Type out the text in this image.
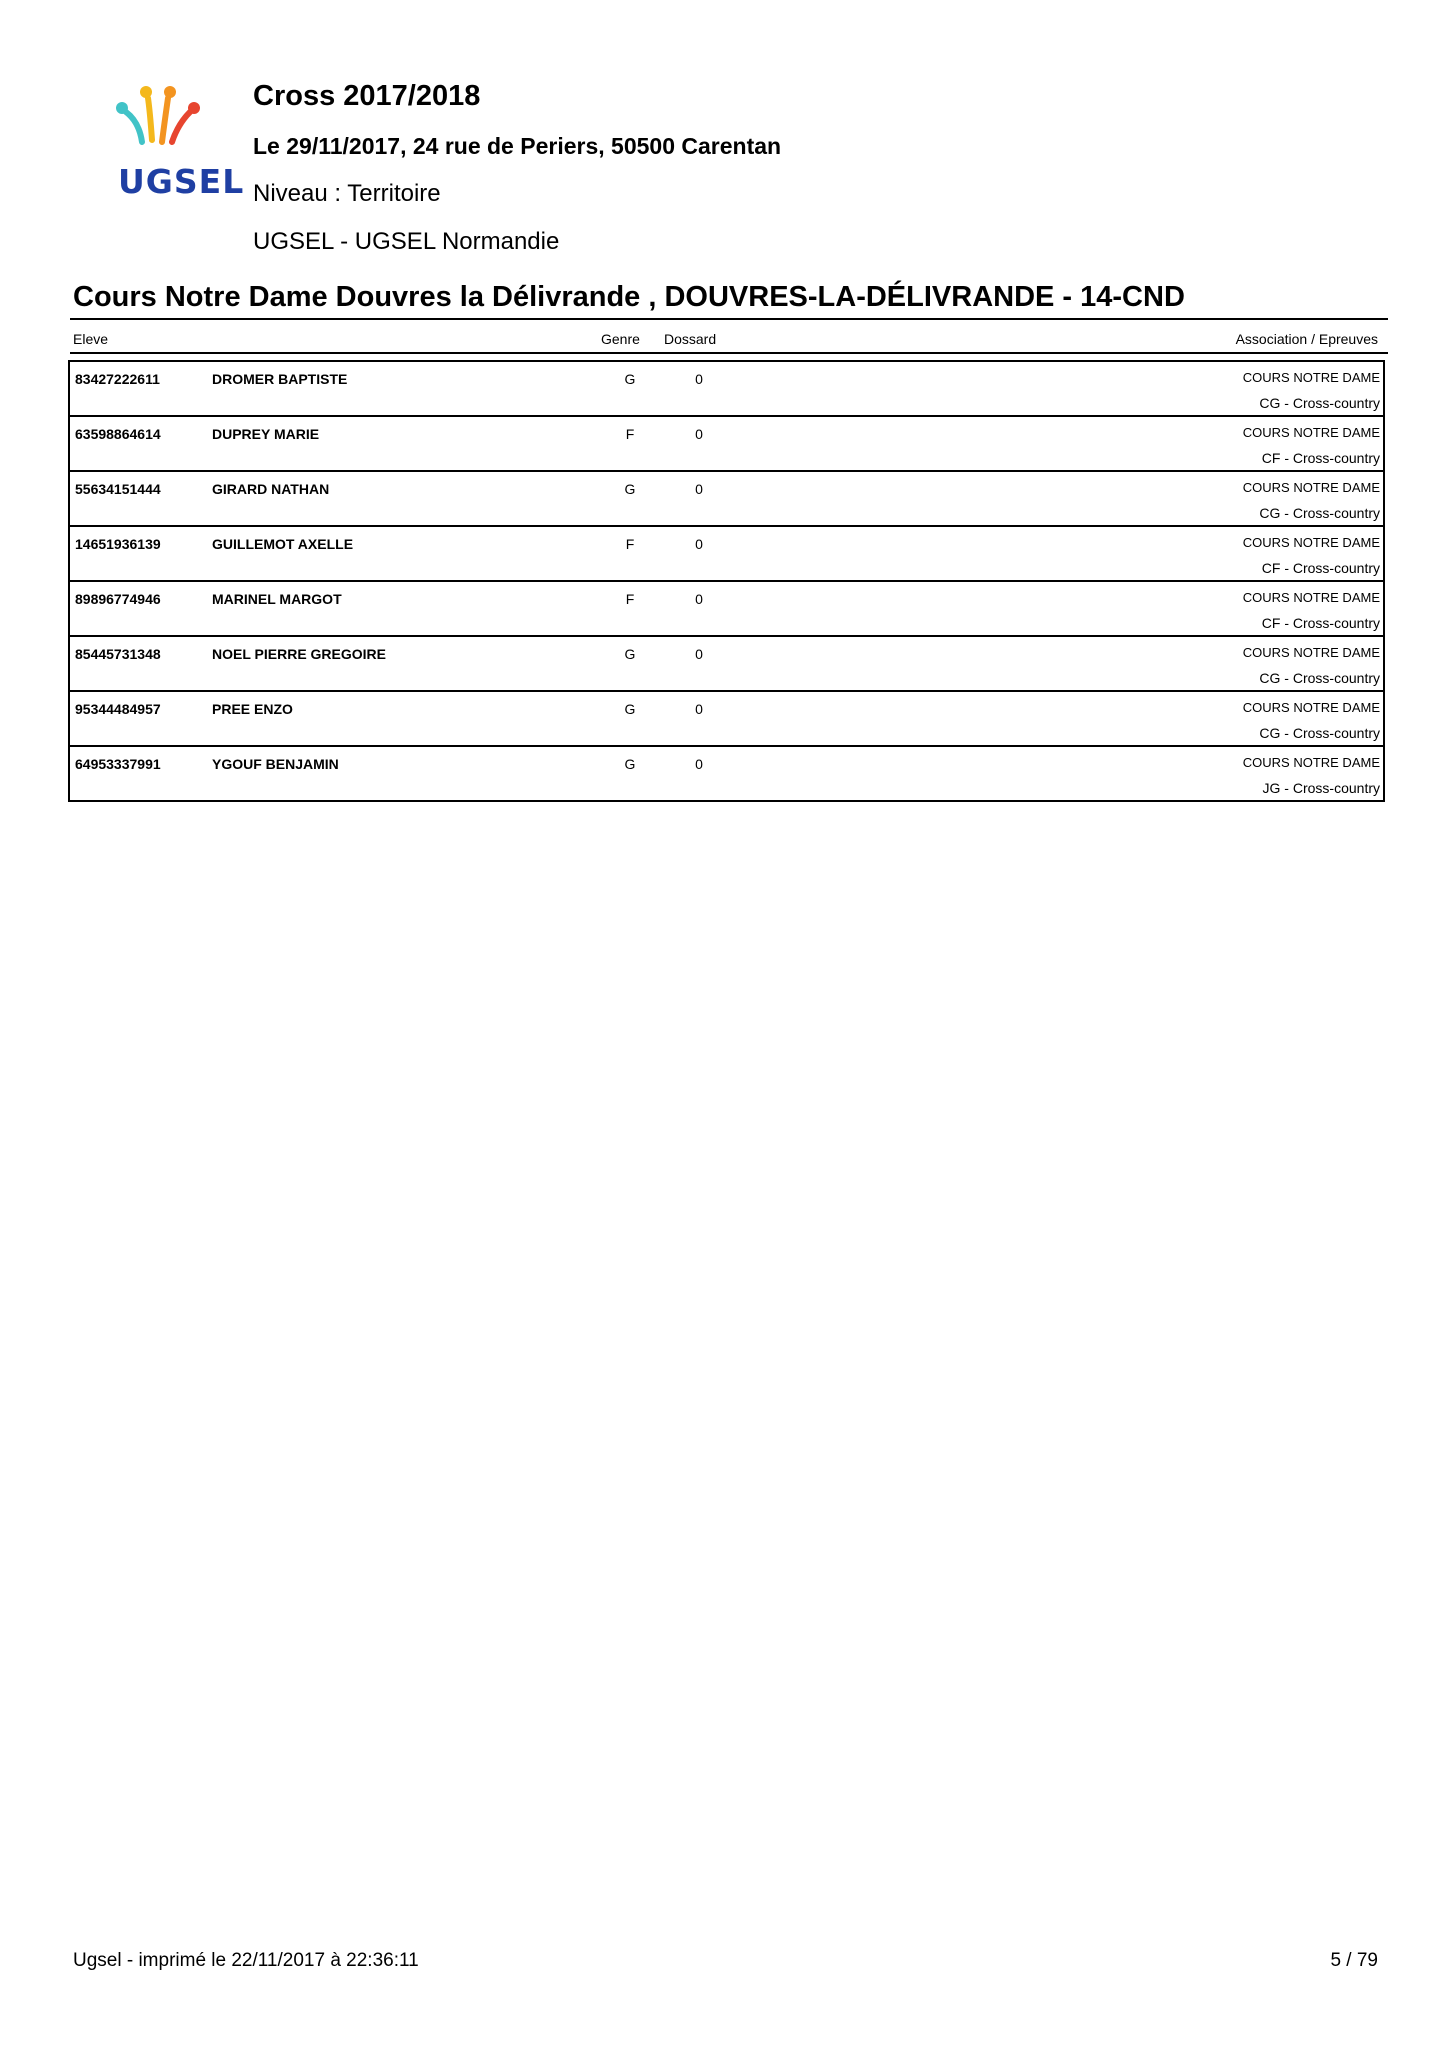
UGSEL
Cross 2017/2018
Le 29/11/2017, 24 rue de Periers, 50500 Carentan
Niveau : Territoire
UGSEL - UGSEL Normandie
Cours Notre Dame Douvres la Délivrande , DOUVRES-LA-DÉLIVRANDE - 14-CND
Eleve	Genre Dossard	Association / Epreuves
83427222611	DROMER BAPTISTE	G	0	COURS NOTRE DAME
CG - Cross-country
63598864614	DUPREY MARIE	F	0	COURS NOTRE DAME
CF - Cross-country
55634151444	GIRARD NATHAN	G	0	COURS NOTRE DAME
CG - Cross-country
14651936139	GUILLEMOT AXELLE	F	0	COURS NOTRE DAME
CF - Cross-country
89896774946	MARINEL MARGOT	F	0	COURS NOTRE DAME
CF - Cross-country
85445731348	NOEL PIERRE GREGOIRE	G	0	COURS NOTRE DAME
CG - Cross-country
95344484957	PREE ENZO	G	0	COURS NOTRE DAME
CG - Cross-country
64953337991	YGOUF BENJAMIN	G	0	COURS NOTRE DAME
JG - Cross-country
Ugsel - imprimé le 22/11/2017 à 22:36:11	5 / 79
